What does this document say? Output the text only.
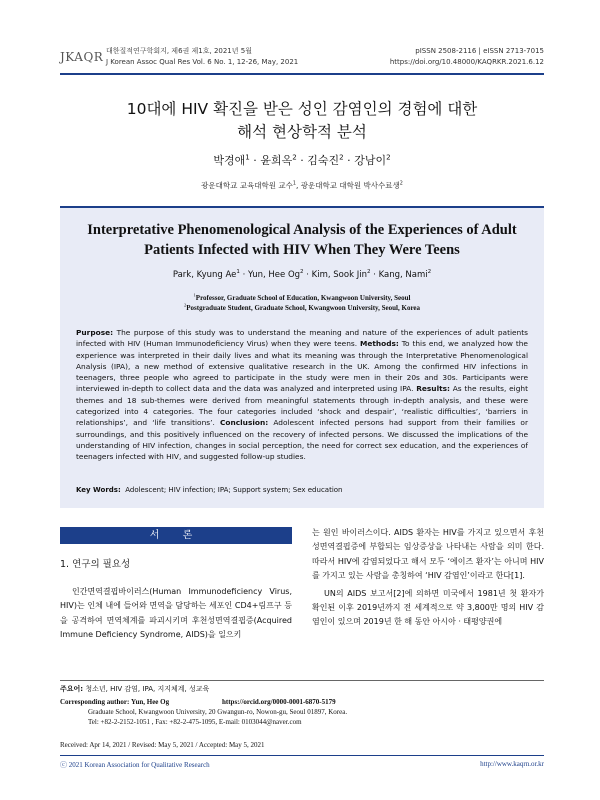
JKAQR 대한질적연구학회지, 제6권 제1호, 2021년 5월
J Korean Assoc Qual Res Vol. 6 No. 1, 12-26, May, 2021
pISSN 2508-2116 | eISSN 2713-7015
https://doi.org/10.48000/KAQRKR.2021.6.12
10대에 HIV 확진을 받은 성인 감염인의 경험에 대한
해석 현상학적 분석
박경애$^1$ · 윤희옥$^2$ · 김숙진$^2$ · 강남이$^2$
광운대학교 교육대학원 교수$^1$, 광운대학교 대학원 박사수료생$^2$
Interpretative Phenomenological Analysis of the Experiences of Adult
Patients Infected with HIV When They Were Teens
Park, Kyung $Ae^1$ · Yun, Hee $Og^2$ · Kim, Sook Jin$^2$ · Kang, Nami$^2$
$^1$Professor, Graduate School of Education, Kwangwoon University, Seoul
$^2$Postgraduate Student, Graduate School, Kwangwoon University, Seoul, Korea
Purpose: The purpose of this study was to understand the meaning and nature of the experiences of adult patients infected with HIV (Human Immunodeficiency Virus) when they were teens. Methods: To this end, we analyzed how the experience was interpreted in their daily lives and what its meaning was through the Interpretative Phenomenological Analysis (IPA), a new method of extensive qualitative research in the UK. Among the confirmed HIV infections in teenagers, three people who agreed to participate in the study were men in their 20s and 30s. Participants were interviewed in-depth to collect data and the data was analyzed and interpreted using IPA. Results: As the results, eight themes and 18 sub-themes were derived from meaningful statements through in-depth analysis, and these were categorized into 4 categories. The four categories included ‘shock and despair’, ‘realistic difficulties’, ‘barriers in relationships’, and ‘life transitions’. Conclusion: Adolescent infected persons had support from their families or surroundings, and this positively influenced on the recovery of infected persons. We discussed the implications of the understanding of HIV infection, changes in social perception, the need for correct sex education, and the experiences of teenagers infected with HIV, and suggested follow-up studies.
Key Words: Adolescent; HIV infection; IPA; Support system; Sex education
서 론
1. 연구의 필요성

인간면역결핍바이러스(Human Immunodeficiency Virus, HIV)는 인체 내에 들어와 면역을 담당하는 세포인 CD4+림프구 등을 공격하여 면역체계를 파괴시키며 후천성면역결핍증(Acquired Immune Deficiency Syndrome, AIDS)을 일으키

는 원인 바이러스이다. AIDS 환자는 HIV를 가지고 있으면서 후천성면역결핍증에 부합되는 임상증상을 나타내는 사람을 의미 한다. 따라서 HIV에 감염되었다고 해서 모두 ‘에이즈 환자’는 아니며 HIV를 가지고 있는 사람을 총칭하여 ‘HIV 감염인’이라고 한다[1].

UN의 AIDS 보고서[2]에 의하면 미국에서 1981년 첫 환자가 확인된 이후 2019년까지 전 세계적으로 약 3,800만 명의 HIV 감염인이 있으며 2019년 한 해 동안 아시아 · 태평양권에

주요어: 청소년, HIV 감염, IPA, 지지체계, 성교육
Corresponding author: Yun, Hee Og	https://orcid.org/0000-0001-6870-5179
Graduate School, Kwangwoon University, 20 Gwangun-ro, Nowon-gu, Seoul 01897, Korea.
Tel: +82-2-2152-1051 , Fax: +82-2-475-1095, E-mail: 0103044@naver.com
Received: Apr 14, 2021 / Revised: May 5, 2021 / Accepted: May 5, 2021
ⓒ 2021 Korean Association for Qualitative Research	http://www.kaqrn.or.kr
